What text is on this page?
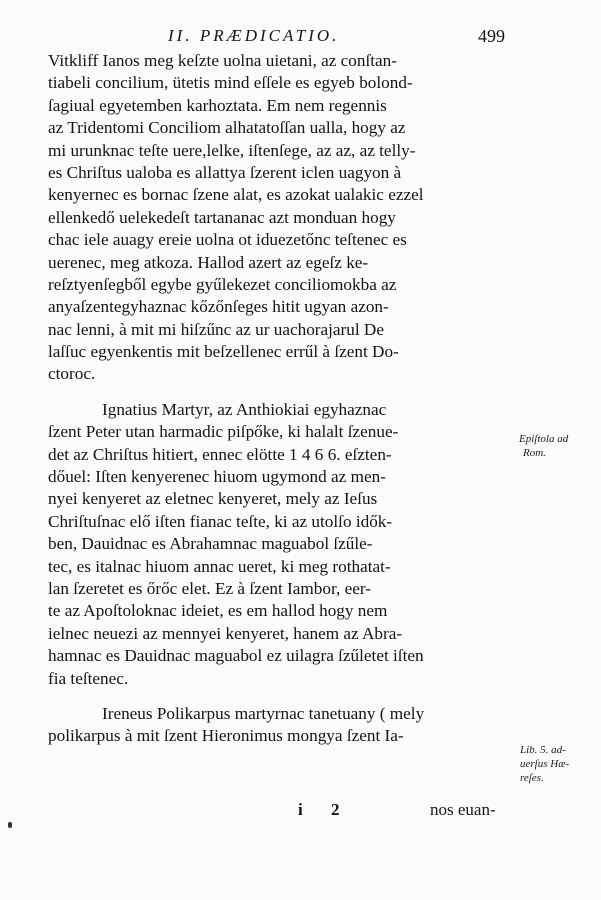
II. PRÆDICATIO.	499
Vitkliff Ianos meg keſzte uolna uietani, az conſtan-
tiabeli concilium, ütetis mind eſſele es egyeb bolond-
ſagiual egyetemben karhoztata. Em nem regennis
az Tridentomi Conciliom alhatatoſſan ualla, hogy az
mi urunknac teſte uere,lelke, iſtenſege, az az, az telly-
es Chriſtus ualoba es allattya ſzerent iclen uagyon à
kenyernec es bornac ſzene alat, es azokat ualakic ezzel
ellenkedő uelekedeſt tartananac azt monduan hogy
chac iele auagy ereie uolna ot iduezetőnc teſtenec es
uerenec, meg atkoza. Hallod azert az egeſz ke-
reſztyenſegből egybe gyűlekezet conciliomokba az
anyaſzentegyhaznac kőzőnſeges hitit ugyan azon-
nac lenni, à mit mi hiſzűnc az ur uachorajarul De
laſſuc egyenkentis mit beſzellenec errűl à ſzent Do-
ctoroc.
Ignatius Martyr, az Anthiokiai egyhaznac
ſzent Peter utan harmadic piſpőke, ki halalt ſzenue-
det az Chriſtus hitiert, ennec elötte 1 4 6 6. eſzten-
dőuel: Iſten kenyerenec hiuom ugymond az men-
nyei kenyeret az eletnec kenyeret, mely az Ieſus
Chriſtuſnac elő iſten fianac teſte, ki az utolſo idők-
ben, Dauidnac es Abrahamnac maguabol ſzűle-
tec, es italnac hiuom annac ueret, ki meg rothatat-
lan ſzeretet es őrőc elet. Ez à ſzent Iambor, eer-
te az Apoſtoloknac ideiet, es em hallod hogy nem
ielnec neuezi az mennyei kenyeret, hanem az Abra-
hamnac es Dauidnac maguabol ez uilagra ſzűletet iſten
fia teſtenec.
Ireneus Polikarpus martyrnac tanetuany ( mely
polikarpus à mit ſzent Hieronimus mongya ſzent Ia-
Epiſtola ad
Rom.
Lib. 5. ad-
uerſus Hæ-
reſes.
i 2	nos euan-
